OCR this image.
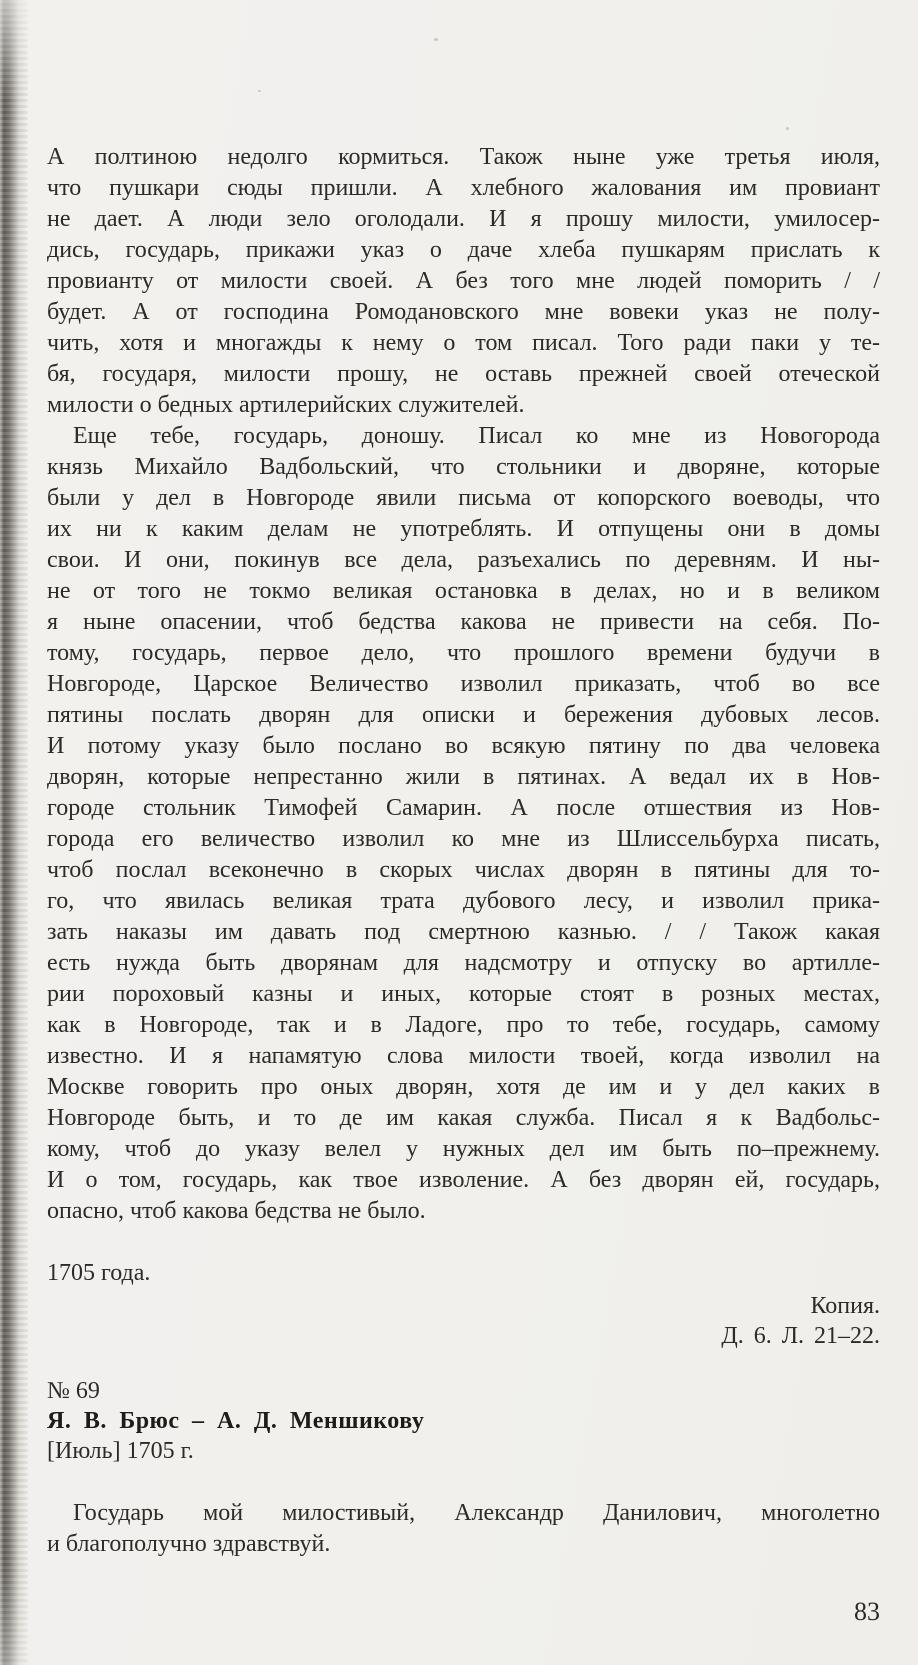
А полтиною недолго кормиться. Також ныне уже третья июля,
что пушкари сюды пришли. А хлебного жалования им провиант
не дает. А люди зело оголодали. И я прошу милости, умилосер-
дись, государь, прикажи указ о даче хлеба пушкарям прислать к
провианту от милости своей. А без того мне людей поморить / /
будет. А от господина Ромодановского мне вовеки указ не полу-
чить, хотя и многажды к нему о том писал. Того ради паки у те-
бя, государя, милости прошу, не оставь прежней своей отеческой
милости о бедных артилерийских служителей.
Еще тебе, государь, доношу. Писал ко мне из Новогорода
князь Михайло Вадбольский, что стольники и дворяне, которые
были у дел в Новгороде явили письма от копорского воеводы, что
их ни к каким делам не употреблять. И отпущены они в домы
свои. И они, покинув все дела, разъехались по деревням. И ны-
не от того не токмо великая остановка в делах, но и в великом
я ныне опасении, чтоб бедства какова не привести на себя. По-
тому, государь, первое дело, что прошлого времени будучи в
Новгороде, Царское Величество изволил приказать, чтоб во все
пятины послать дворян для описки и бережения дубовых лесов.
И потому указу было послано во всякую пятину по два человека
дворян, которые непрестанно жили в пятинах. А ведал их в Нов-
городе стольник Тимофей Самарин. А после отшествия из Нов-
города его величество изволил ко мне из Шлиссельбурха писать,
чтоб послал всеконечно в скорых числах дворян в пятины для то-
го, что явилась великая трата дубового лесу, и изволил прика-
зать наказы им давать под смертною казнью. / / Також какая
есть нужда быть дворянам для надсмотру и отпуску во артилле-
рии пороховый казны и иных, которые стоят в розных местах,
как в Новгороде, так и в Ладоге, про то тебе, государь, самому
известно. И я напамятую слова милости твоей, когда изволил на
Москве говорить про оных дворян, хотя де им и у дел каких в
Новгороде быть, и то де им какая служба. Писал я к Вадбольс-
кому, чтоб до указу велел у нужных дел им быть по–прежнему.
И о том, государь, как твое изволение. А без дворян ей, государь,
опасно, чтоб какова бедства не было.
1705 года.
Копия.
Д. 6. Л. 21–22.
№ 69
Я. В. Брюс – А. Д. Меншикову
[Июль] 1705 г.
Государь мой милостивый, Александр Данилович, многолетно
и благополучно здравствуй.
83
